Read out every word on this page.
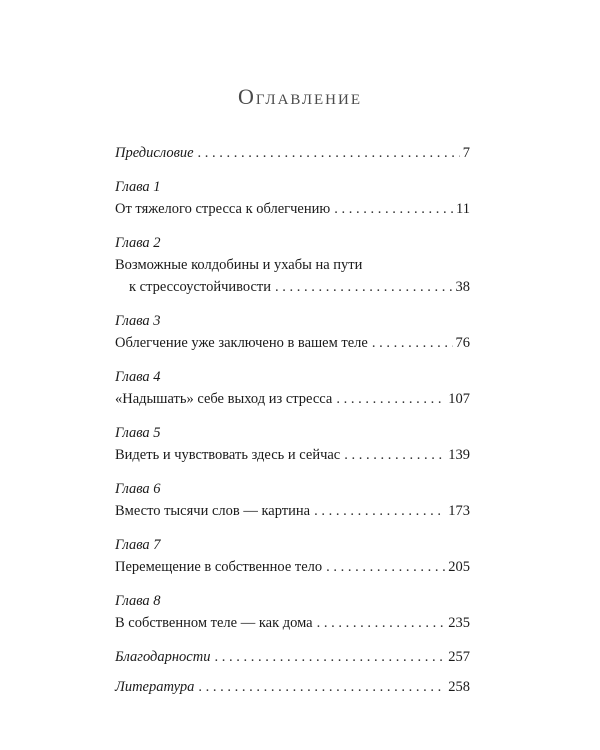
Оглавление
Предисловие . . .	7
Глава 1
От тяжелого стресса к облегчению . . .	11
Глава 2
Возможные колдобины и ухабы на пути
к стрессоустойчивости . . .	38
Глава 3
Облегчение уже заключено в вашем теле . . .	76
Глава 4
«Надышать» себе выход из стресса . . .	107
Глава 5
Видеть и чувствовать здесь и сейчас . . .	139
Глава 6
Вместо тысячи слов — картина . . .	173
Глава 7
Перемещение в собственное тело . . .	205
Глава 8
В собственном теле — как дома . . .	235
Благодарности . . .	257
Литература . . .	258
